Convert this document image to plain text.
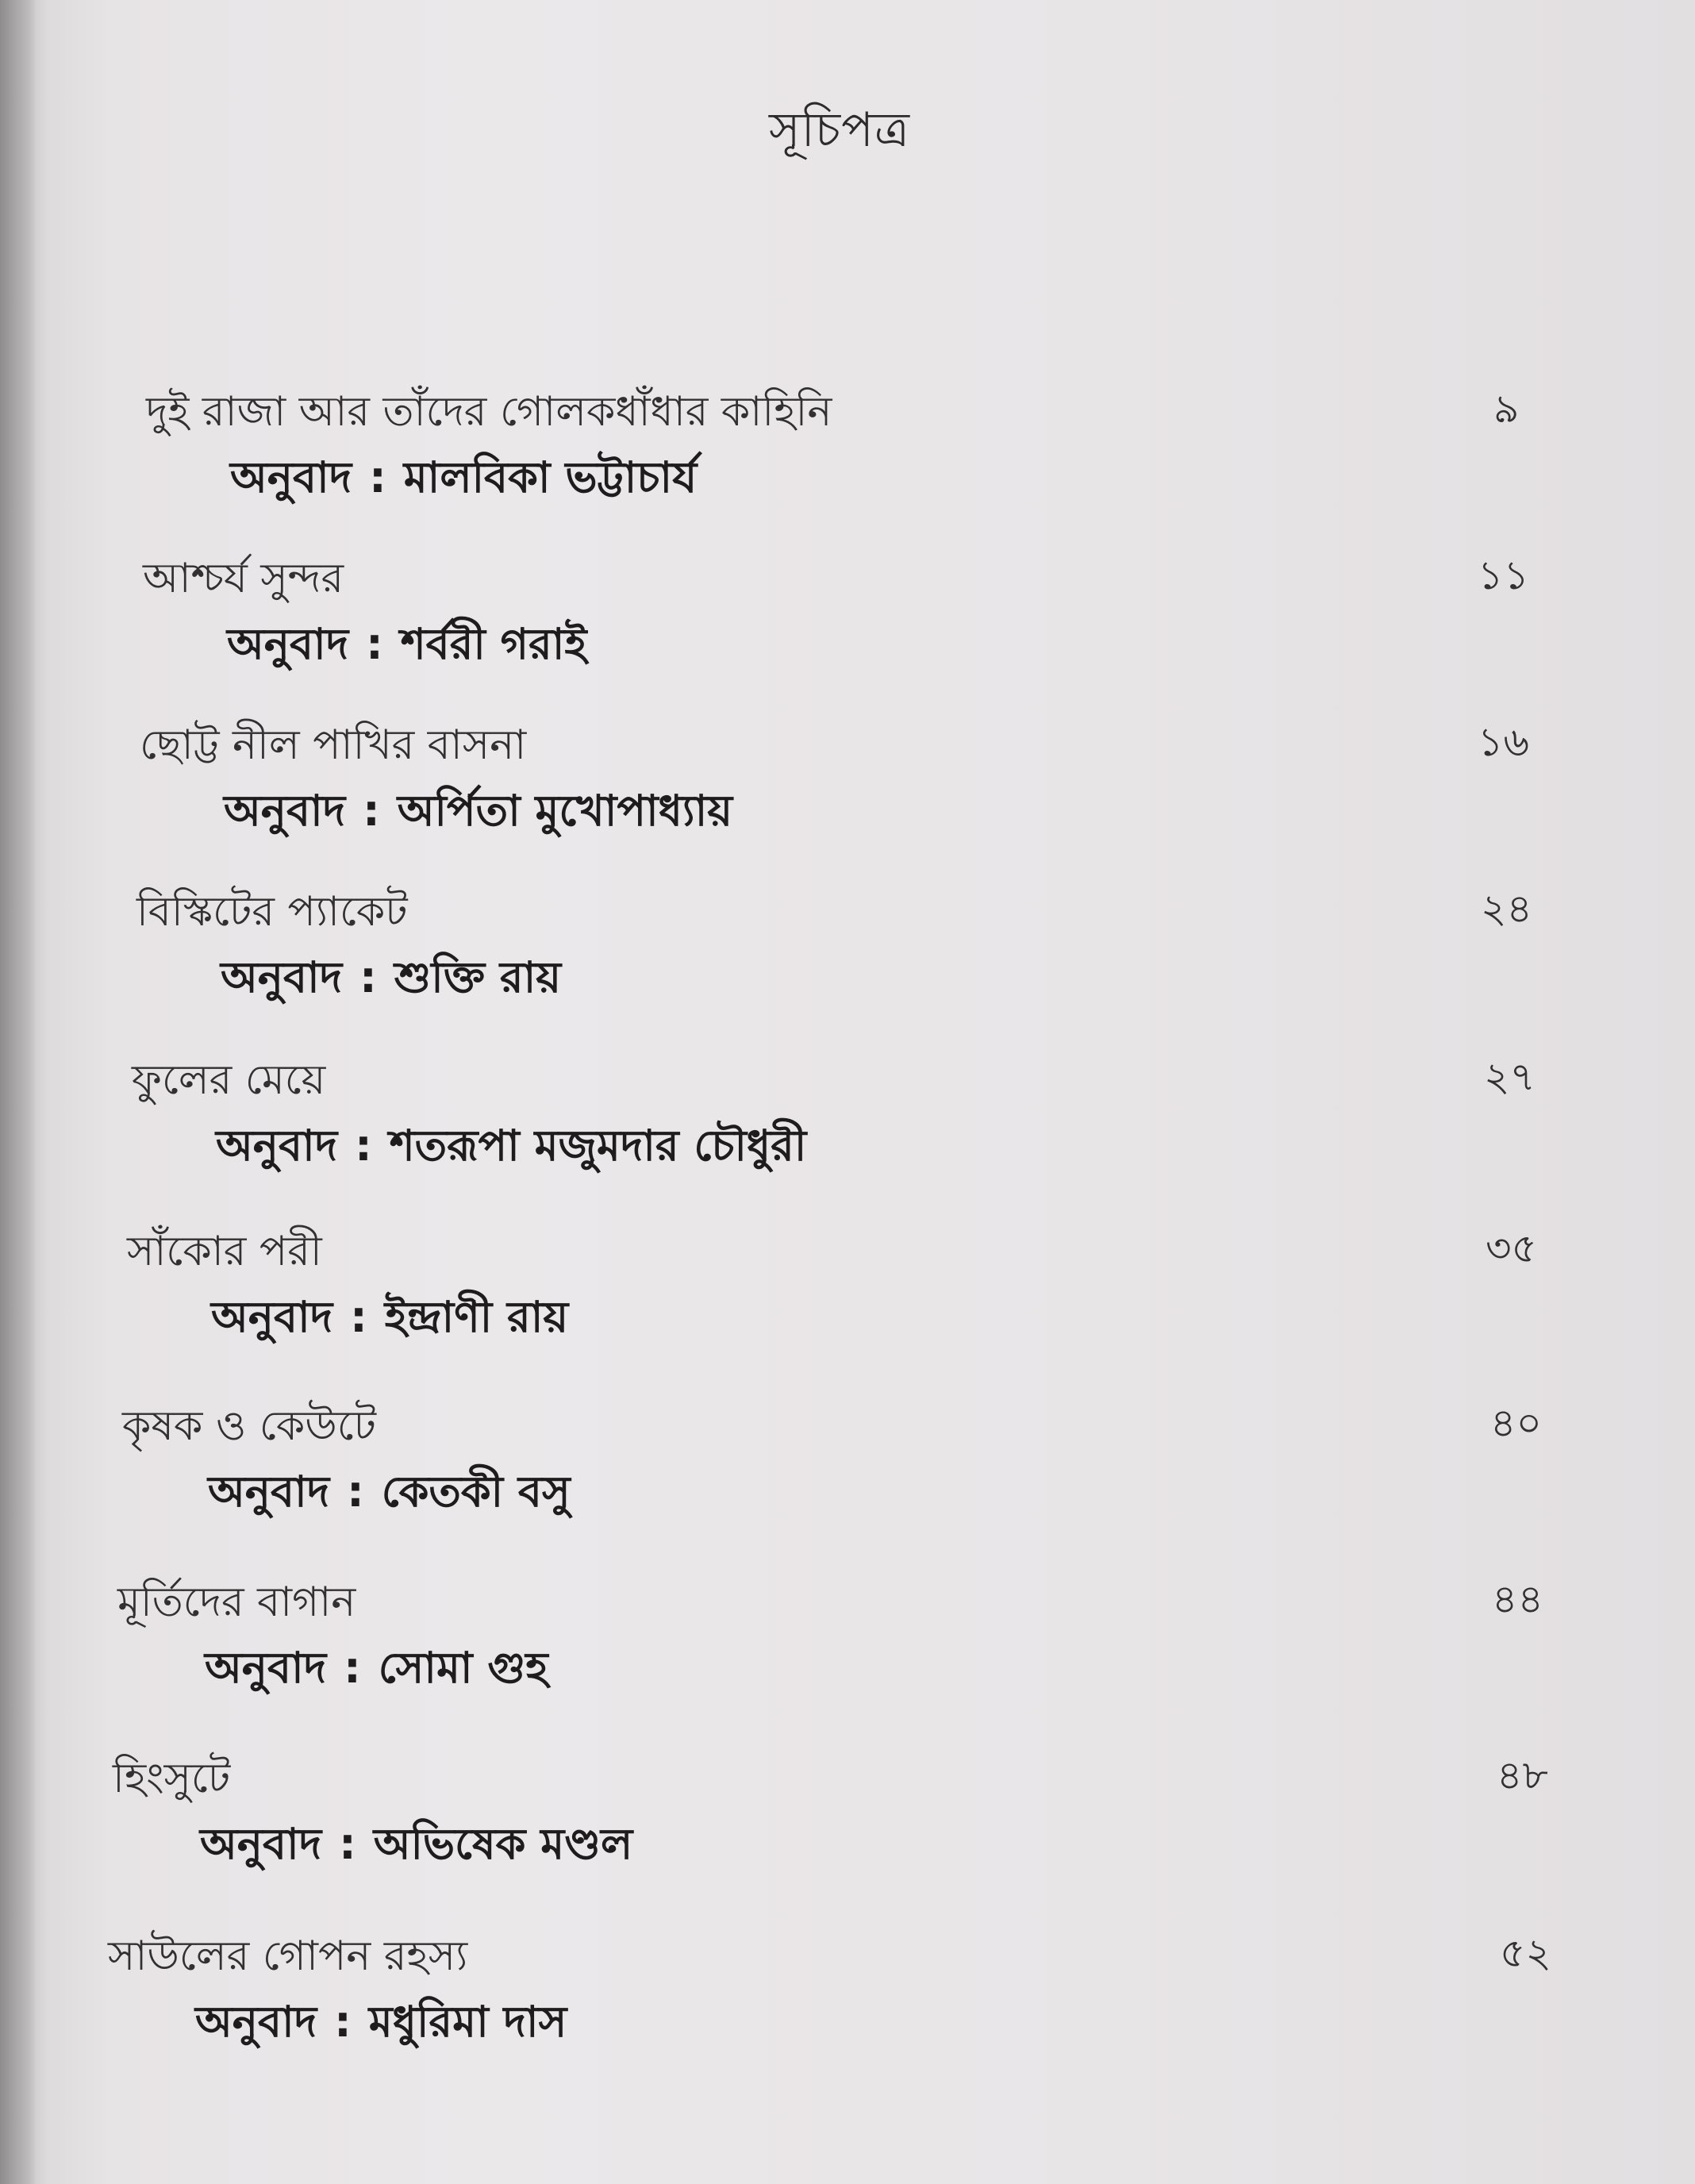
সূচিপত্র
দুই রাজা আর তাঁদের গোলকধাঁধার কাহিনি	৯
অনুবাদ : মালবিকা ভট্টাচার্য
আশ্চর্য সুন্দর	১১
অনুবাদ : শর্বরী গরাই
ছোট্ট নীল পাখির বাসনা	১৬
অনুবাদ : অর্পিতা মুখোপাধ্যায়
বিস্কিটের প্যাকেট	২৪
অনুবাদ : শুক্তি রায়
ফুলের মেয়ে	২৭
অনুবাদ : শতরূপা মজুমদার চৌধুরী
সাঁকোর পরী	৩৫
অনুবাদ : ইন্দ্রাণী রায়
কৃষক ও কেউটে	৪০
অনুবাদ : কেতকী বসু
মূর্তিদের বাগান	৪৪
অনুবাদ : সোমা গুহ
হিংসুটে	৪৮
অনুবাদ : অভিষেক মণ্ডল
সাউলের গোপন রহস্য	৫২
অনুবাদ : মধুরিমা দাস
